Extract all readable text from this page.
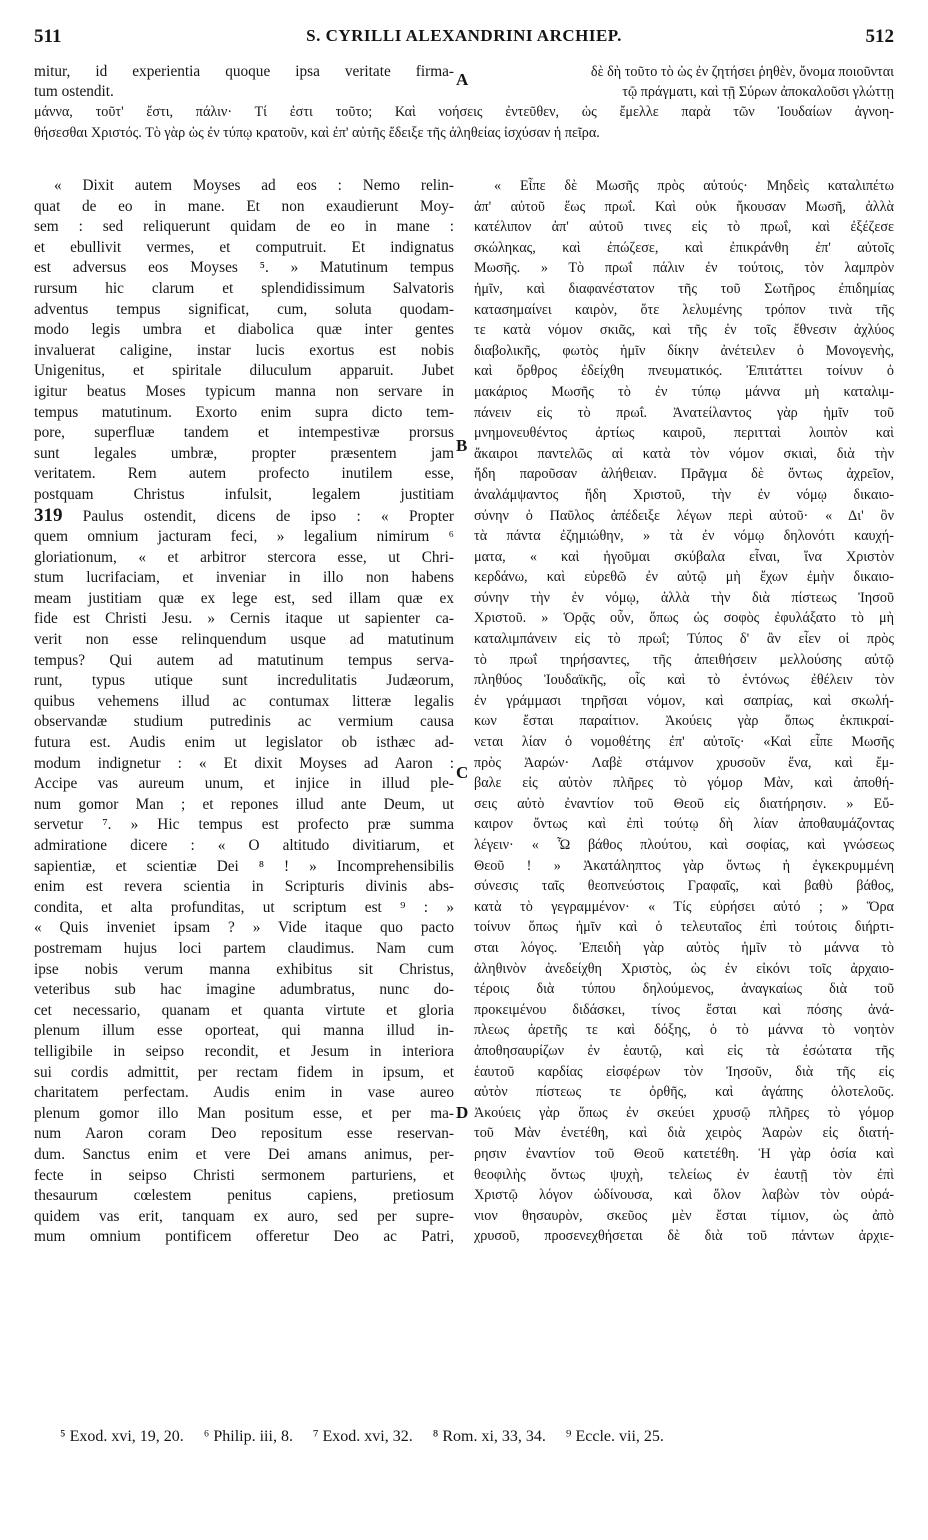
511	S. CYRILLI ALEXANDRINI ARCHIEP.	512
mitur, id experientia quoque ipsa veritate firma-
tum ostendit.
δὲ δὴ τοῦτο τὸ ὡς ἐν ζητήσει ῥηθὲν, ὄνομα ποιοῦνται
τῷ πράγματι, καὶ τῇ Σύρων ἀποκαλοῦσι γλώττῃ
μάννα, τοῦτ' ἔστι, πάλιν· Τί ἐστι τοῦτο; Καὶ νοήσεις ἐντεῦθεν, ὡς ἔμελλε παρὰ τῶν Ἰουδαίων ἀγνοη-
θήσεσθαι Χριστός. Τὸ γὰρ ὡς ἐν τύπῳ κρατοῦν, καὶ ἐπ' αὐτῆς ἔδειξε τῆς ἀληθείας ἰσχύσαν ἡ πεῖρα.
« Dixit autem Moyses ad eos : Nemo relin-
quat de eo in mane. Et non exaudierunt Moy-
sem : sed reliquerunt quidam de eo in mane :
et ebullivit vermes, et computruit. Et indignatus
est adversus eos Moyses ⁵. » Matutinum tempus
rursum hic clarum et splendidissimum Salvatoris
adventus tempus significat, cum, soluta quodam-
modo legis umbra et diabolica quæ inter gentes
invaluerat caligine, instar lucis exortus est nobis
Unigenitus, et spiritale diluculum apparuit. Jubet
igitur beatus Moses typicum manna non servare in
tempus matutinum. Exorto enim supra dicto tem-
pore, superfluæ tandem et intempestivæ prorsus
sunt legales umbræ, propter præsentem jam
veritatem. Rem autem profecto inutilem esse,
postquam Christus infulsit, legalem justitiam
319 Paulus ostendit, dicens de ipso : « Propter
quem omnium jacturam feci, » legalium nimirum ⁶
gloriationum, « et arbitror stercora esse, ut Chri-
stum lucrifaciam, et inveniar in illo non habens
meam justitiam quæ ex lege est, sed illam quæ ex
fide est Christi Jesu. » Cernis itaque ut sapienter ca-
verit non esse relinquendum usque ad matutinum
tempus? Qui autem ad matutinum tempus serva-
runt, typus utique sunt incredulitatis Judæorum,
quibus vehemens illud ac contumax litteræ legalis
observandæ studium putredinis ac vermium causa
futura est. Audis enim ut legislator ob isthæc ad-
modum indignetur : « Et dixit Moyses ad Aaron :
Accipe vas aureum unum, et injice in illud ple-
num gomor Man ; et repones illud ante Deum, ut
servetur ⁷. » Hic tempus est profecto præ summa
admiratione dicere : « O altitudo divitiarum, et
sapientiæ, et scientiæ Dei ⁸ ! » Incomprehensibilis
enim est revera scientia in Scripturis divinis abs-
condita, et alta profunditas, ut scriptum est ⁹ : »
« Quis inveniet ipsam ? » Vide itaque quo pacto
postremam hujus loci partem claudimus. Nam cum
ipse nobis verum manna exhibitus sit Christus,
veteribus sub hac imagine adumbratus, nunc do-
cet necessario, quanam et quanta virtute et gloria
plenum illum esse oporteat, qui manna illud in-
telligibile in seipso recondit, et Jesum in interiora
sui cordis admittit, per rectam fidem in ipsum, et
charitatem perfectam. Audis enim in vase aureo
plenum gomor illo Man positum esse, et per ma-
num Aaron coram Deo repositum esse reservan-
dum. Sanctus enim et vere Dei amans animus, per-
fecte in seipso Christi sermonem parturiens, et
thesaurum cœlestem penitus capiens, pretiosum
quidem vas erit, tanquam ex auro, sed per supre-
mum omnium pontificem offeretur Deo ac Patri,
« Εἶπε δὲ Μωσῆς πρὸς αὐτούς· Μηδεὶς καταλιπέτω
ἀπ' αὐτοῦ ἕως πρωΐ. Καὶ οὐκ ἤκουσαν Μωσῆ, ἀλλὰ
κατέλιπον ἀπ' αὐτοῦ τινες εἰς τὸ πρωΐ, καὶ ἐξέζεσε
σκώληκας, καὶ ἐπώζεσε, καὶ ἐπικράνθη ἐπ' αὐτοῖς
Μωσῆς. » Τὸ πρωΐ πάλιν ἐν τούτοις, τὸν λαμπρὸν
ἡμῖν, καὶ διαφανέστατον τῆς τοῦ Σωτῆρος ἐπιδημίας
κατασημαίνει καιρὸν, ὅτε λελυμένης τρόπον τινὰ τῆς
τε κατὰ νόμον σκιᾶς, καὶ τῆς ἐν τοῖς ἔθνεσιν ἀχλύος
διαβολικῆς, φωτὸς ἡμῖν δίκην ἀνέτειλεν ὁ Μονογενὴς,
καὶ ὄρθρος ἐδείχθη πνευματικός. Ἐπιτάττει τοίνυν ὁ
μακάριος Μωσῆς τὸ ἐν τύπῳ μάννα μὴ καταλιμ-
πάνειν εἰς τὸ πρωΐ. Ἀνατείλαντος γὰρ ἡμῖν τοῦ
μνημονευθέντος ἀρτίως καιροῦ, περιτταὶ λοιπὸν καὶ
ἄκαιροι παντελῶς αἱ κατὰ τὸν νόμον σκιαὶ, διὰ τὴν
ἤδη παροῦσαν ἀλήθειαν. Πρᾶγμα δὲ ὄντως ἀχρεῖον,
ἀναλάμψαντος ἤδη Χριστοῦ, τὴν ἐν νόμῳ δικαιο-
σύνην ὁ Παῦλος ἀπέδειξε λέγων περὶ αὐτοῦ· « Δι' ὃν
τὰ πάντα ἐζημιώθην, » τὰ ἐν νόμῳ δηλονότι καυχή-
ματα, « καὶ ἡγοῦμαι σκύβαλα εἶναι, ἵνα Χριστὸν
κερδάνω, καὶ εὑρεθῶ ἐν αὐτῷ μὴ ἔχων ἐμὴν δικαιο-
σύνην τὴν ἐν νόμῳ, ἀλλὰ τὴν διὰ πίστεως Ἰησοῦ
Χριστοῦ. » Ὁρᾷς οὖν, ὅπως ὡς σοφὸς ἐφυλάξατο τὸ μὴ
καταλιμπάνειν εἰς τὸ πρωΐ; Τύπος δ' ἂν εἶεν οἱ πρὸς
τὸ πρωΐ τηρήσαντες, τῆς ἀπειθήσειν μελλούσης αὐτῷ
πληθύος Ἰουδαϊκῆς, οἷς καὶ τὸ ἐντόνως ἐθέλειν τὸν
ἐν γράμμασι τηρῆσαι νόμον, καὶ σαπρίας, καὶ σκωλή-
κων ἔσται παραίτιον. Ἀκούεις γὰρ ὅπως ἐκπικραί-
νεται λίαν ὁ νομοθέτης ἐπ' αὐτοῖς· «Καὶ εἶπε Μωσῆς
πρὸς Ἀαρών· Λαβὲ στάμνον χρυσοῦν ἕνα, καὶ ἔμ-
βαλε εἰς αὐτὸν πλῆρες τὸ γόμορ Μὰν, καὶ ἀποθή-
σεις αὐτὸ ἐναντίον τοῦ Θεοῦ εἰς διατήρησιν. » Εὔ-
καιρον ὄντως καὶ ἐπὶ τούτῳ δὴ λίαν ἀποθαυμάζοντας
λέγειν· « Ὦ βάθος πλούτου, καὶ σοφίας, καὶ γνώσεως
Θεοῦ ! » Ἀκατάληπτος γὰρ ὄντως ἡ ἐγκεκρυμμένη
σύνεσις ταῖς θεοπνεύστοις Γραφαῖς, καὶ βαθὺ βάθος,
κατὰ τὸ γεγραμμένον· « Τίς εὑρήσει αὐτό ; » Ὅρα
τοίνυν ὅπως ἡμῖν καὶ ὁ τελευταῖος ἐπὶ τούτοις διήρτι-
σται λόγος. Ἐπειδὴ γὰρ αὐτὸς ἡμῖν τὸ μάννα τὸ
ἀληθινὸν ἀνεδείχθη Χριστὸς, ὡς ἐν εἰκόνι τοῖς ἀρχαιο-
τέροις διὰ τύπου δηλούμενος, ἀναγκαίως διὰ τοῦ
προκειμένου διδάσκει, τίνος ἔσται καὶ πόσης ἀνά-
πλεως ἀρετῆς τε καὶ δόξης, ὁ τὸ μάννα τὸ νοητὸν
ἀποθησαυρίζων ἐν ἑαυτῷ, καὶ εἰς τὰ ἐσώτατα τῆς
ἑαυτοῦ καρδίας εἰσφέρων τὸν Ἰησοῦν, διὰ τῆς εἰς
αὐτὸν πίστεως τε ὀρθῆς, καὶ ἀγάπης ὁλοτελοῦς.
Ἀκούεις γὰρ ὅπως ἐν σκεύει χρυσῷ πλῆρες τὸ γόμορ
τοῦ Μὰν ἐνετέθη, καὶ διὰ χειρὸς Ἀαρὼν εἰς διατή-
ρησιν ἐναντίον τοῦ Θεοῦ κατετέθη. Ἡ γὰρ ὁσία καὶ
θεοφιλὴς ὄντως ψυχὴ, τελείως ἐν ἑαυτῇ τὸν ἐπὶ
Χριστῷ λόγον ὠδίνουσα, καὶ ὅλον λαβὼν τὸν οὐρά-
νιον θησαυρὸν, σκεῦος μὲν ἔσται τίμιον, ὡς ἀπὸ
χρυσοῦ, προσενεχθήσεται δὲ διὰ τοῦ πάντων ἀρχιε-
A
B
C
D
⁵ Exod. xvi, 19, 20. ⁶ Philip. iii, 8. ⁷ Exod. xvi, 32. ⁸ Rom. xi, 33, 34. ⁹ Eccle. vii, 25.
